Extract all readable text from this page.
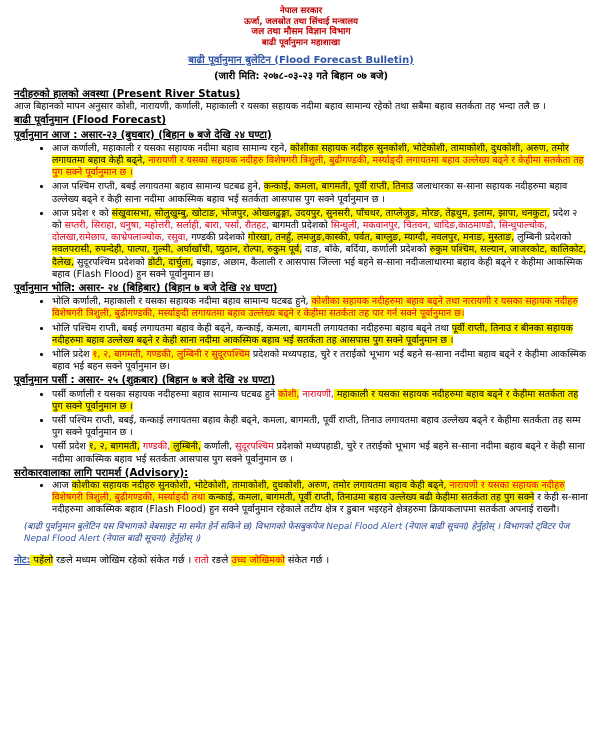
नेपाल सरकार
ऊर्जा, जलस्रोत तथा सिंचाई मन्त्रालय
जल तथा मौसम विज्ञान विभाग
बाढी पूर्वानुमान महाशाखा
बाढी पूर्वानुमान बुलेटिन (Flood Forecast Bulletin)
(जारी मिति: २०७८-०३-२३ गते बिहान ०७ बजे)
नदीहरुको हालको अवस्था (Present River Status)
आज बिहानको मापन अनुसार कोशी, नारायणी, कर्णाली, महाकाली र यसका सहायक नदीमा बहाव सामान्य रहेको तथा सबैमा बहाव सतर्कता तह भन्दा तलै छ ।
बाढी पूर्वानुमान (Flood Forecast)
पूर्वानुमान आज : असार-२३ (बुधबार) (बिहान ७ बजे देखि २४ घण्टा)
• आज कर्णाली, महाकाली र यसका सहायक नदीमा बहाव सामान्य रहने, कोशीका सहायक नदीहरु सुनकोशी, भोटेकोशी, तामाकोशी, दुधकोशी, अरुण, तमोर लगायतमा बहाव केही बढ्ने, नारायणी र यसका सहायक नदीहरु विशेषगरी त्रिशुली, बुढीगण्डकी, मर्स्याङ्दी लगायतमा बहाव उल्लेख्य बढ्ने र केहीमा सतर्कता तह पुग सक्ने पूर्वानुमान छ ।
• आज पश्चिम राप्ती, बबई लगायतमा बहाव सामान्य घटबढ हुने, कन्काई, कमला, बागमती, पूर्वी राप्ती, तिनाउ जलाधारका स-साना सहायक नदीहरुमा बहाव उल्लेख्य बढ्ने र केही साना नदीमा आकस्मिक बहाव भई सतर्कता आसपास पुग सक्ने पूर्वानुमान छ ।
• आज प्रदेश १ को संखुवासभा, सोलुखुम्बु, खोटाङ, भोजपुर, ओखलढुङ्गा, उदयपुर, सुनसरी, पाँचथर, ताप्लेजुङ, मोरङ, तेह्रथुम, इलाम, झापा, धनकुटा, प्रदेश २ को सप्तरी, सिराहा, धनुषा, महोत्तरी, सर्लाही, बारा, पर्सा, रौतहट, बागमती प्रदेशको सिन्धुली, मकवानपुर, चितवन, धादिङ,काठमाण्डौ, सिन्धुपाल्चोक, दोलखा,रामेछाप, काभ्रेपलाञ्चोक, रसुवा, गण्डकी प्रदेशको गोरखा, तनहुँ, लमजुङ,कास्की, पर्वत, बाग्लुङ, म्याग्दी, नवलपुर, मनाङ, मुस्ताङ, लुम्बिनी प्रदेशको नवलपरासी, रुपन्देही, पाल्पा, गुल्मी, अर्घाखाँची, प्युठान, रोल्पा, रुकुम पूर्व, दाङ, बाँके, बर्दिया, कर्णाली प्रदेशको रुकुम पश्चिम, सल्यान, जाजरकोट, कालिकोट, दैलेख, सुदूरपश्चिम प्रदेशको डोटी, दार्चुला, बझाङ, अछाम, कैलाली र आसपास जिल्ला भई बहने स-साना नदीजलाधारमा बहाव केही बढ्ने र केहीमा आकस्मिक बहाव (Flash Flood) हुन सक्ने पूर्वानुमान छ।
पूर्वानुमान भोलि: असार- २४ (बिहिबार) (बिहान ७ बजे देखि २४ घण्टा)
• भोलि कर्णाली, महाकाली र यसका सहायक नदीमा बहाव सामान्य घटबढ हुने, कोशीका सहायक नदीहरुमा बहाव बढ्ने तथा नारायणी र यसका सहायक नदीहरु विशेषगरी त्रिशुली, बुढीगण्डकी, मर्स्याङ्दी लगायतमा बहाव उल्लेख्य बढ्ने र केहीमा सतर्कता तह पार गर्न सक्ने पूर्वानुमान छ।
• भोलि पश्चिम राप्ती, बबई लगायतमा बहाव केही बढ्ने, कन्काई, कमला, बागमती लगायतका नदीहरुमा बहाव बढ्ने तथा पूर्वी राप्ती, तिनाउ र बीनका सहायक नदीहरुमा बहाव उल्लेख्य बढ्ने र केही साना नदीमा आकस्मिक बहाव भई सतर्कता तह आसपास पुग सक्ने पूर्वानुमान छ ।
• भोलि प्रदेश १, २, बागमती, गण्डकी, लुम्बिनी र सुदूरपश्चिम प्रदेशको मध्यपहाड, चुरे र तराईको भूभाग भई बहने स-साना नदीमा बहाव बढ्ने र केहीमा आकस्मिक बहाव भई बहन सक्ने पूर्वानुमान छ।
पूर्वानुमान पर्सी : असार- २५ (शुक्रबार) (बिहान ७ बजे देखि २४ घण्टा)
• पर्सी कर्णाली र यसका सहायक नदीहरुमा बहाव सामान्य घटबढ हुने कोशी, नारायणी, महाकाली र यसका सहायक नदीहरुमा बहाव बढ्ने र केहीमा सतर्कता तह पुग सक्ने पूर्वानुमान छ ।
• पर्सी पश्चिम राप्ती, बबई, कन्काई लगायतमा बहाव केही बढ्ने, कमला, बागमती, पूर्वी राप्ती, तिनाउ लगायतमा बहाव उल्लेख्य बढ्ने र केहीमा सतर्कता तह सम्म पुग सक्ने पूर्वानुमान छ ।
• पर्सी प्रदेश १, २, बागमती, गण्डकी, लुम्बिनी, कर्णाली, सुदूरपश्चिम प्रदेशको मध्यपहाडी, चुरे र तराईको भूभाग भई बहने स-साना नदीमा बहाव बढ्ने र केही साना नदीमा आकस्मिक बहाव भई सतर्कता आसपास पुग सक्ने पूर्वानुमान छ ।
सरोकारवालाका लागि परामर्श (Advisory):
• आज कोशीका सहायक नदीहरु सुनकोशी, भोटेकोशी, तामाकोशी, दुधकोशी, अरुण, तमोर लगायतमा बहाव केही बढ्ने, नारायणी र यसका सहायक नदीहरु विशेषगरी त्रिशुली, बुढीगण्डकी, मर्स्याङ्दी तथा कन्काई, कमला, बागमती, पूर्वी राप्ती, तिनाउमा बहाव उल्लेख्य बढी केहीमा सतर्कता तह पुग सक्ने र केही स-साना नदीहरुमा आकस्मिक बहाव (Flash Flood) हुन सक्ने पूर्वानुमान रहेकाले तटीय क्षेत्र र डुबान भइरहने क्षेत्रहरुमा क्रियाकलापमा सतर्कता अपनाई राख्नौ।
(बाढी पूर्वानुमान बुलेटिन यस विभागको वेबसाइट मा समेत हेर्न सकिने छ) विभागको फेसबुकपेज Nepal Flood Alert (नेपाल बाढी सूचना) हेर्नुहोस् । विभागको ट्विटर पेज Nepal Flood Alert (नेपाल बाढी सूचना) हेर्नुहोस् ।)
नोट: पहेंलो रङले मध्यम जोखिम रहेको संकेत गर्छ । रातो रङले उच्च जोखिमको संकेत गर्छ ।
